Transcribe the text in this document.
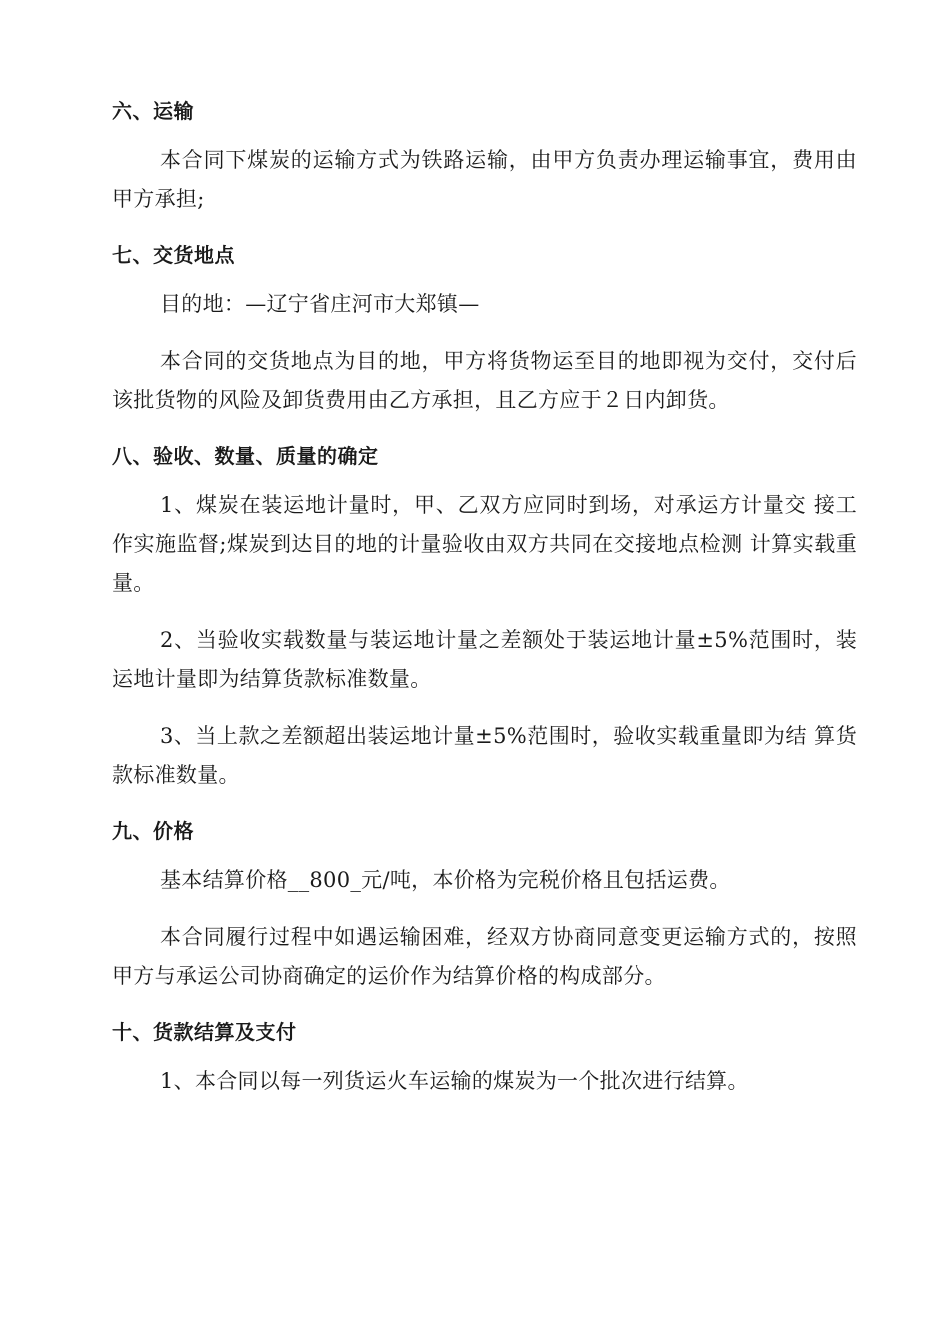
六、运输

本合同下煤炭的运输方式为铁路运输，由甲方负责办理运输事宜，费用由甲方承担;

七、交货地点

目的地：—辽宁省庄河市大郑镇—

本合同的交货地点为目的地，甲方将货物运至目的地即视为交付，交付后该批货物的风险及卸货费用由乙方承担，且乙方应于２日内卸货。

八、验收、数量、质量的确定

1、煤炭在装运地计量时，甲、乙双方应同时到场，对承运方计量交 接工作实施监督;煤炭到达目的地的计量验收由双方共同在交接地点检测 计算实载重量。

2、当验收实载数量与装运地计量之差额处于装运地计量±5%范围时，装运地计量即为结算货款标准数量。

3、当上款之差额超出装运地计量±5%范围时，验收实载重量即为结 算货款标准数量。

九、价格

基本结算价格__800_元/吨，本价格为完税价格且包括运费。

本合同履行过程中如遇运输困难，经双方协商同意变更运输方式的，按照甲方与承运公司协商确定的运价作为结算价格的构成部分。

十、货款结算及支付

1、本合同以每一列货运火车运输的煤炭为一个批次进行结算。
